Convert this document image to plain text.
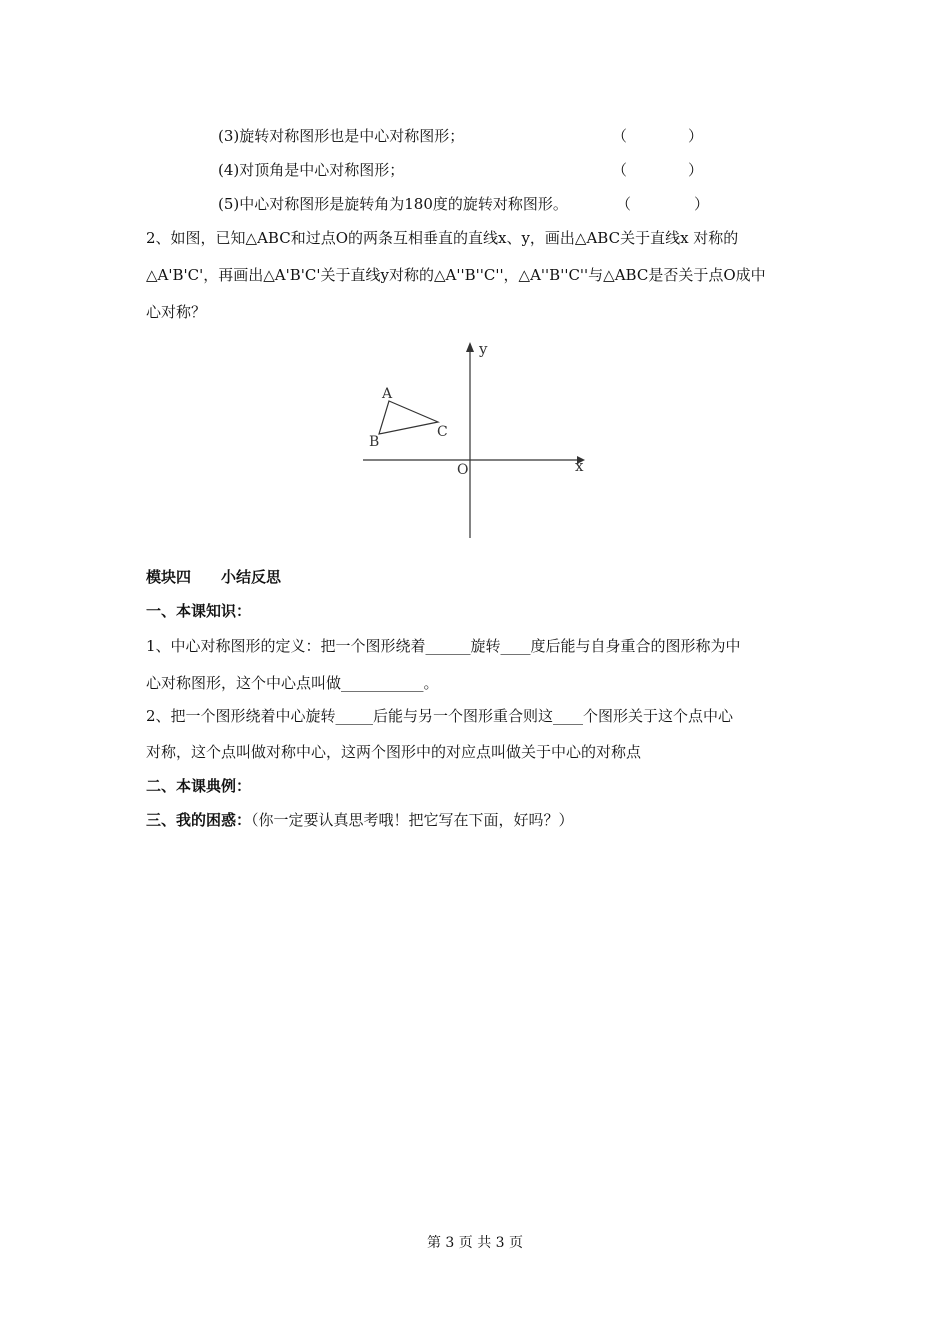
(3)旋转对称图形也是中心对称图形；	（	）
(4)对顶角是中心对称图形；	（	）
(5)中心对称图形是旋转角为180度的旋转对称图形。	（	）
2、如图，已知△ABC和过点O的两条互相垂直的直线x、y，画出△ABC关于直线x 对称的
△A'B'C'，再画出△A'B'C'关于直线y对称的△A''B''C''，△A''B''C''与△ABC是否关于点O成中
心对称？
y
x
O
A
B
C
模块四　　小结反思
一、本课知识：
1、中心对称图形的定义：把一个图形绕着______旋转____度后能与自身重合的图形称为中
心对称图形，这个中心点叫做___________。
2、把一个图形绕着中心旋转_____后能与另一个图形重合则这____个图形关于这个点中心
对称，这个点叫做对称中心，这两个图形中的对应点叫做关于中心的对称点
二、本课典例：
三、我的困惑：（你一定要认真思考哦！把它写在下面，好吗？）
第 3 页 共 3 页
